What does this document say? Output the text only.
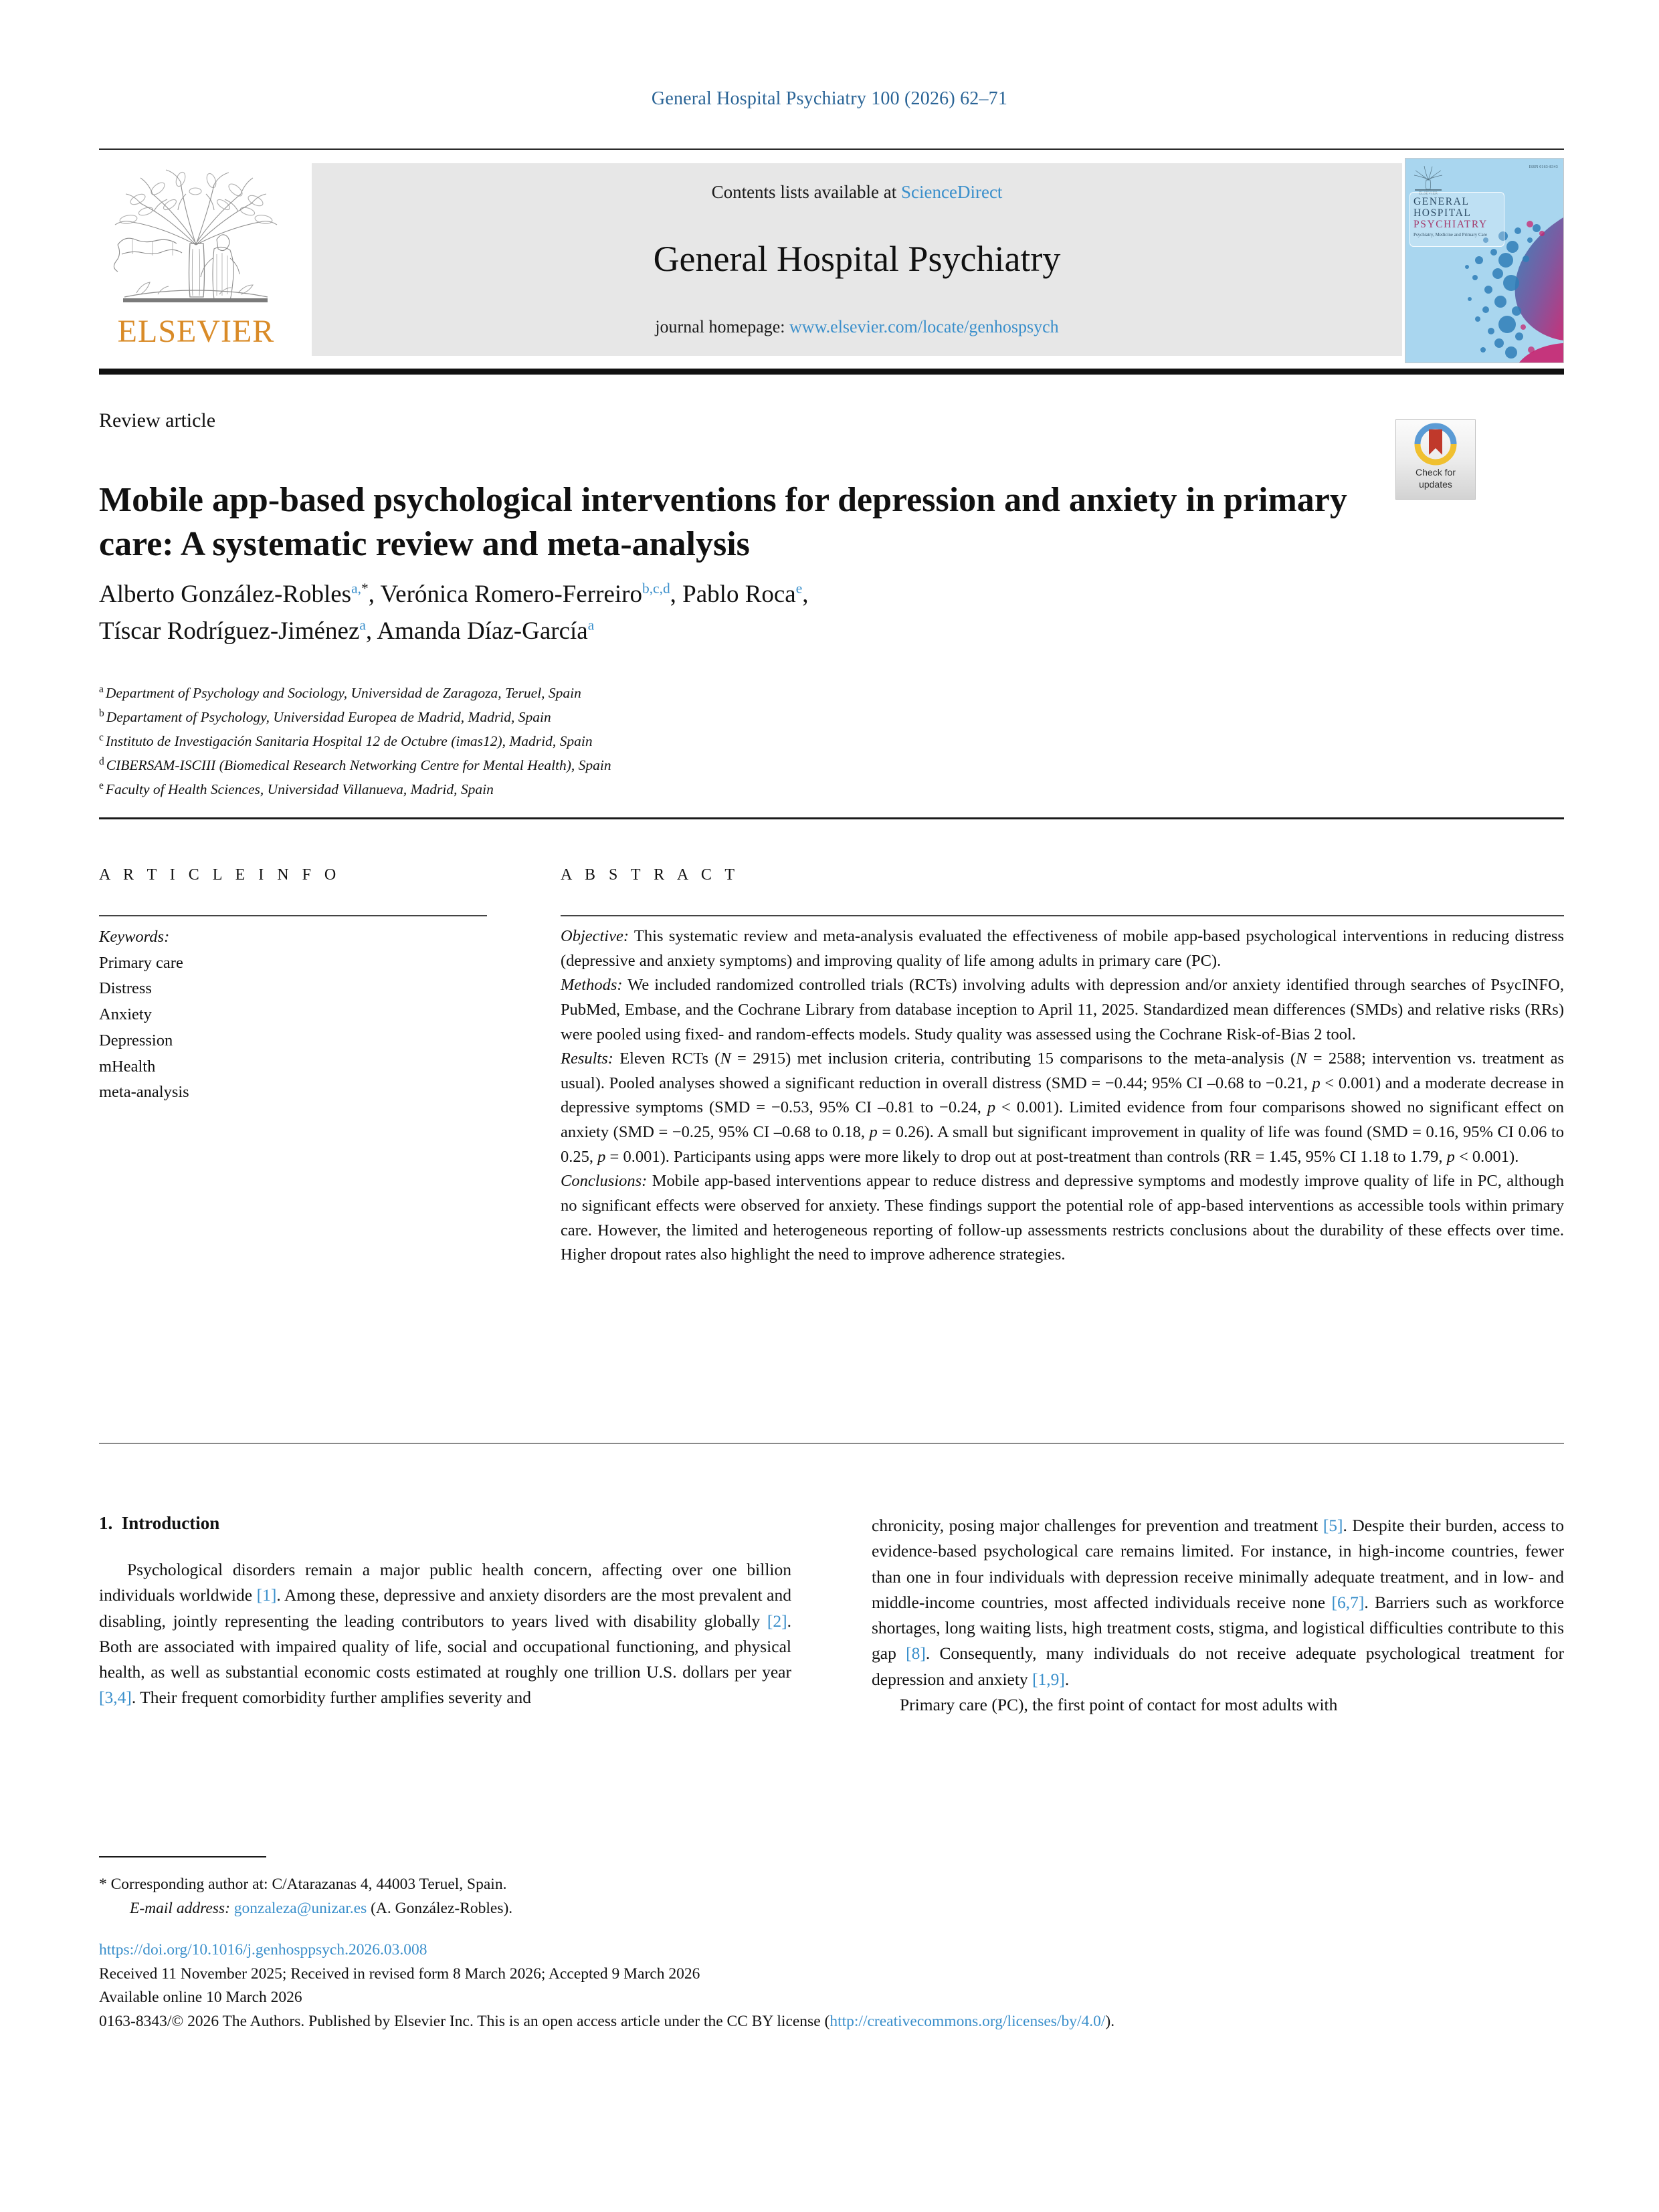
General Hospital Psychiatry 100 (2026) 62–71
ELSEVIER
Contents lists available at ScienceDirect
General Hospital Psychiatry
journal homepage: www.elsevier.com/locate/genhospsych
ELSEVIER
ISSN 0163-8343
GENERAL
HOSPITAL
PSYCHIATRY
Psychiatry, Medicine and Primary Care
Review article
Mobile app-based psychological interventions for depression and anxiety in primary care: A systematic review and meta-analysis
Check for
updates
Alberto González-Robles$^{a,*}$, Verónica Romero-Ferreiro$^{b,c,d}$, Pablo Roca$^e$,
Tíscar Rodríguez-Jiménez$^a$, Amanda Díaz-García$^a$
$^a$ Department of Psychology and Sociology, Universidad de Zaragoza, Teruel, Spain
$^b$ Departament of Psychology, Universidad Europea de Madrid, Madrid, Spain
$^c$ Instituto de Investigación Sanitaria Hospital 12 de Octubre (imas12), Madrid, Spain
$^d$ CIBERSAM-ISCIII (Biomedical Research Networking Centre for Mental Health), Spain
$^e$ Faculty of Health Sciences, Universidad Villanueva, Madrid, Spain
A R T I C L E I N F O
Keywords:
Primary care
Distress
Anxiety
Depression
mHealth
meta-analysis
A B S T R A C T

Objective: This systematic review and meta-analysis evaluated the effectiveness of mobile app-based psychological interventions in reducing distress (depressive and anxiety symptoms) and improving quality of life among adults in primary care (PC).

Methods: We included randomized controlled trials (RCTs) involving adults with depression and/or anxiety identified through searches of PsycINFO, PubMed, Embase, and the Cochrane Library from database inception to April 11, 2025. Standardized mean differences (SMDs) and relative risks (RRs) were pooled using fixed- and random-effects models. Study quality was assessed using the Cochrane Risk-of-Bias 2 tool.

Results: Eleven RCTs (N = 2915) met inclusion criteria, contributing 15 comparisons to the meta-analysis (N = 2588; intervention vs. treatment as usual). Pooled analyses showed a significant reduction in overall distress (SMD = −0.44; 95% CI –0.68 to −0.21, p < 0.001) and a moderate decrease in depressive symptoms (SMD = −0.53, 95% CI –0.81 to −0.24, p < 0.001). Limited evidence from four comparisons showed no significant effect on anxiety (SMD = −0.25, 95% CI –0.68 to 0.18, p = 0.26). A small but significant improvement in quality of life was found (SMD = 0.16, 95% CI 0.06 to 0.25, p = 0.001). Participants using apps were more likely to drop out at post-treatment than controls (RR = 1.45, 95% CI 1.18 to 1.79, p < 0.001).

Conclusions: Mobile app-based interventions appear to reduce distress and depressive symptoms and modestly improve quality of life in PC, although no significant effects were observed for anxiety. These findings support the potential role of app-based interventions as accessible tools within primary care. However, the limited and heterogeneous reporting of follow-up assessments restricts conclusions about the durability of these effects over time. Higher dropout rates also highlight the need to improve adherence strategies.

1. Introduction

Psychological disorders remain a major public health concern, affecting over one billion individuals worldwide [1]. Among these, depressive and anxiety disorders are the most prevalent and disabling, jointly representing the leading contributors to years lived with disability globally [2]. Both are associated with impaired quality of life, social and occupational functioning, and physical health, as well as substantial economic costs estimated at roughly one trillion U.S. dollars per year [3,4]. Their frequent comorbidity further amplifies severity and

chronicity, posing major challenges for prevention and treatment [5]. Despite their burden, access to evidence-based psychological care remains limited. For instance, in high-income countries, fewer than one in four individuals with depression receive minimally adequate treatment, and in low- and middle-income countries, most affected individuals receive none [6,7]. Barriers such as workforce shortages, long waiting lists, high treatment costs, stigma, and logistical difficulties contribute to this gap [8]. Consequently, many individuals do not receive adequate psychological treatment for depression and anxiety [1,9].

Primary care (PC), the first point of contact for most adults with

* Corresponding author at: C/Atarazanas 4, 44003 Teruel, Spain.
E-mail address: gonzaleza@unizar.es (A. González-Robles).
https://doi.org/10.1016/j.genhosppsych.2026.03.008
Received 11 November 2025; Received in revised form 8 March 2026; Accepted 9 March 2026
Available online 10 March 2026
0163-8343/© 2026 The Authors. Published by Elsevier Inc. This is an open access article under the CC BY license (http://creativecommons.org/licenses/by/4.0/).
